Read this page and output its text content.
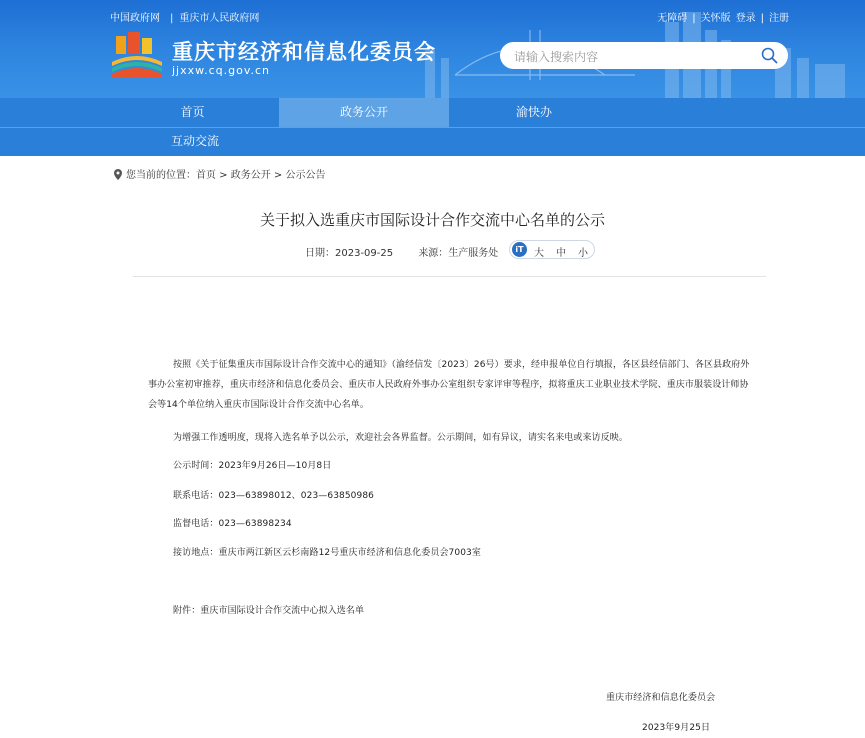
中国政府网 | 重庆市人民政府网	无障碍 | 关怀版 登录 | 注册
重庆市经济和信息化委员会
jjxxw.cq.gov.cn
请输入搜索内容
首页	政务公开	渝快办
互动交流
您当前的位置：首页 > 政务公开 > 公示公告
关于拟入选重庆市国际设计合作交流中心名单的公示
日期：2023-09-25	来源：生产服务处	iT	大 中 小
按照《关于征集重庆市国际设计合作交流中心的通知》（渝经信发〔2023〕26号）要求，经申报单位自行填报，各区县经信部门、各区县政府外
事办公室初审推荐，重庆市经济和信息化委员会、重庆市人民政府外事办公室组织专家评审等程序，拟将重庆工业职业技术学院、重庆市服装设计师协
会等14个单位纳入重庆市国际设计合作交流中心名单。
为增强工作透明度，现将入选名单予以公示，欢迎社会各界监督。公示期间，如有异议，请实名来电或来访反映。
公示时间：2023年9月26日—10月8日
联系电话：023—63898012、023—63850986
监督电话：023—63898234
接访地点：重庆市两江新区云杉南路12号重庆市经济和信息化委员会7003室
附件：重庆市国际设计合作交流中心拟入选名单
重庆市经济和信息化委员会
2023年9月25日
